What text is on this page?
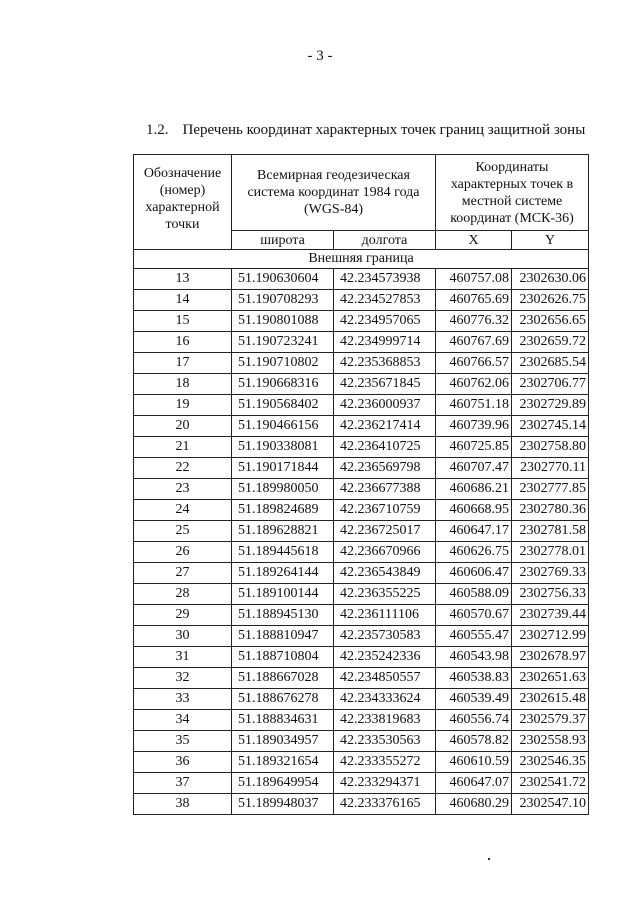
- 3 -
1.2. Перечень координат характерных точек границ защитной зоны
Обозначение (номер) характерной точки	Всемирная геодезическая система координат 1984 года (WGS-84)		Координаты характерных точек в местной системе координат (МСК-36)	
	широта	долгота	X	Y
Внешняя граница				
13	51.190630604	42.234573938	460757.08	2302630.06
14	51.190708293	42.234527853	460765.69	2302626.75
15	51.190801088	42.234957065	460776.32	2302656.65
16	51.190723241	42.234999714	460767.69	2302659.72
17	51.190710802	42.235368853	460766.57	2302685.54
18	51.190668316	42.235671845	460762.06	2302706.77
19	51.190568402	42.236000937	460751.18	2302729.89
20	51.190466156	42.236217414	460739.96	2302745.14
21	51.190338081	42.236410725	460725.85	2302758.80
22	51.190171844	42.236569798	460707.47	2302770.11
23	51.189980050	42.236677388	460686.21	2302777.85
24	51.189824689	42.236710759	460668.95	2302780.36
25	51.189628821	42.236725017	460647.17	2302781.58
26	51.189445618	42.236670966	460626.75	2302778.01
27	51.189264144	42.236543849	460606.47	2302769.33
28	51.189100144	42.236355225	460588.09	2302756.33
29	51.188945130	42.236111106	460570.67	2302739.44
30	51.188810947	42.235730583	460555.47	2302712.99
31	51.188710804	42.235242336	460543.98	2302678.97
32	51.188667028	42.234850557	460538.83	2302651.63
33	51.188676278	42.234333624	460539.49	2302615.48
34	51.188834631	42.233819683	460556.74	2302579.37
35	51.189034957	42.233530563	460578.82	2302558.93
36	51.189321654	42.233355272	460610.59	2302546.35
37	51.189649954	42.233294371	460647.07	2302541.72
38	51.189948037	42.233376165	460680.29	2302547.10
